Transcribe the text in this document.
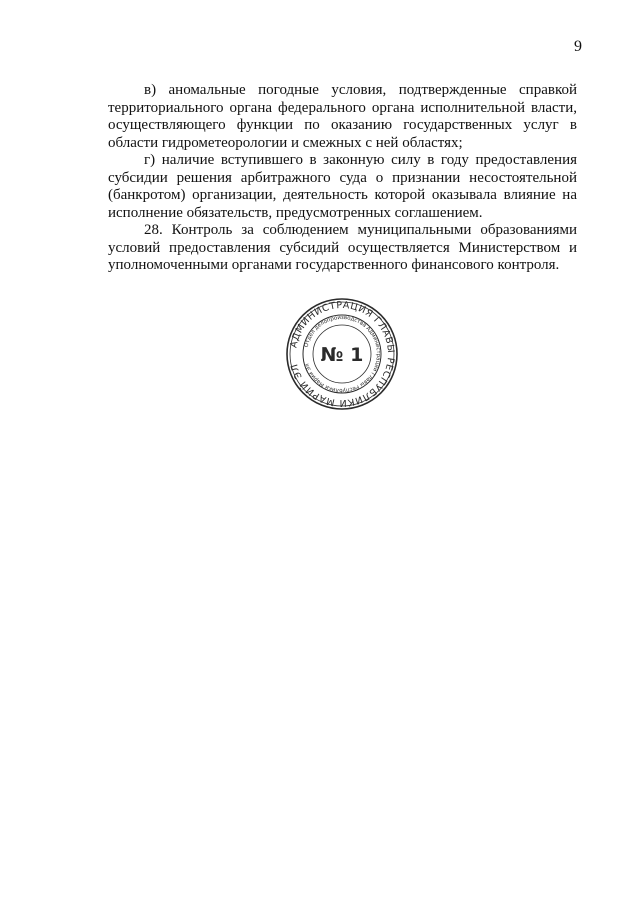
9

в) аномальные погодные условия, подтвержденные справкой территориального органа федерального органа исполнительной власти, осуществляющего функции по оказанию государственных услуг в области гидрометеорологии и смежных с ней областях;

г) наличие вступившего в законную силу в году предоставления субсидии решения арбитражного суда о признании несостоятельной (банкротом) организации, деятельность которой оказывала влияние на исполнение обязательств, предусмотренных соглашением.

28. Контроль за соблюдением муниципальными образованиями условий предоставления субсидий осуществляется Министерством и уполномоченными органами государственного финансового контроля.

АДМИНИСТРАЦИЯ ГЛАВЫ РЕСПУБЛИКИ МАРИЙ ЭЛ
Отдел делопроизводства Администрации Главы Республики Марий Эл № 1
